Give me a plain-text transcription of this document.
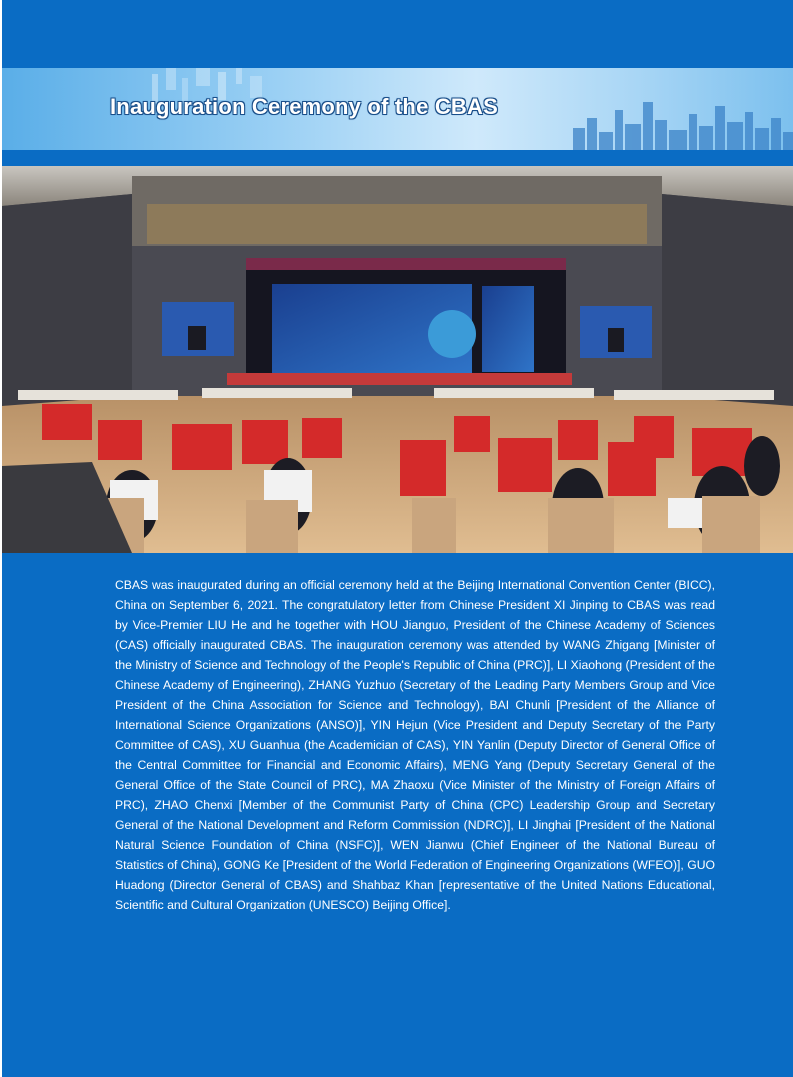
Inauguration Ceremony of the CBAS
CBAS was inaugurated during an official ceremony held at the Beijing International Convention Center (BICC), China on September 6, 2021. The congratulatory letter from Chinese President XI Jinping to CBAS was read by Vice-Premier LIU He and he together with HOU Jianguo, President of the Chinese Academy of Sciences (CAS) officially inaugurated CBAS. The inauguration ceremony was attended by WANG Zhigang [Minister of the Ministry of Science and Technology of the People's Republic of China (PRC)], LI Xiaohong (President of the Chinese Academy of Engineering), ZHANG Yuzhuo (Secretary of the Leading Party Members Group and Vice President of the China Association for Science and Technology), BAI Chunli [President of the Alliance of International Science Organizations (ANSO)], YIN Hejun (Vice President and Deputy Secretary of the Party Committee of CAS), XU Guanhua (the Academician of CAS), YIN Yanlin (Deputy Director of General Office of the Central Committee for Financial and Economic Affairs), MENG Yang (Deputy Secretary General of the General Office of the State Council of PRC), MA Zhaoxu (Vice Minister of the Ministry of Foreign Affairs of PRC), ZHAO Chenxi [Member of the Communist Party of China (CPC) Leadership Group and Secretary General of the National Development and Reform Commission (NDRC)], LI Jinghai [President of the National Natural Science Foundation of China (NSFC)], WEN Jianwu (Chief Engineer of the National Bureau of Statistics of China), GONG Ke [President of the World Federation of Engineering Organizations (WFEO)], GUO Huadong (Director General of CBAS) and Shahbaz Khan [representative of the United Nations Educational, Scientific and Cultural Organization (UNESCO) Beijing Office].
